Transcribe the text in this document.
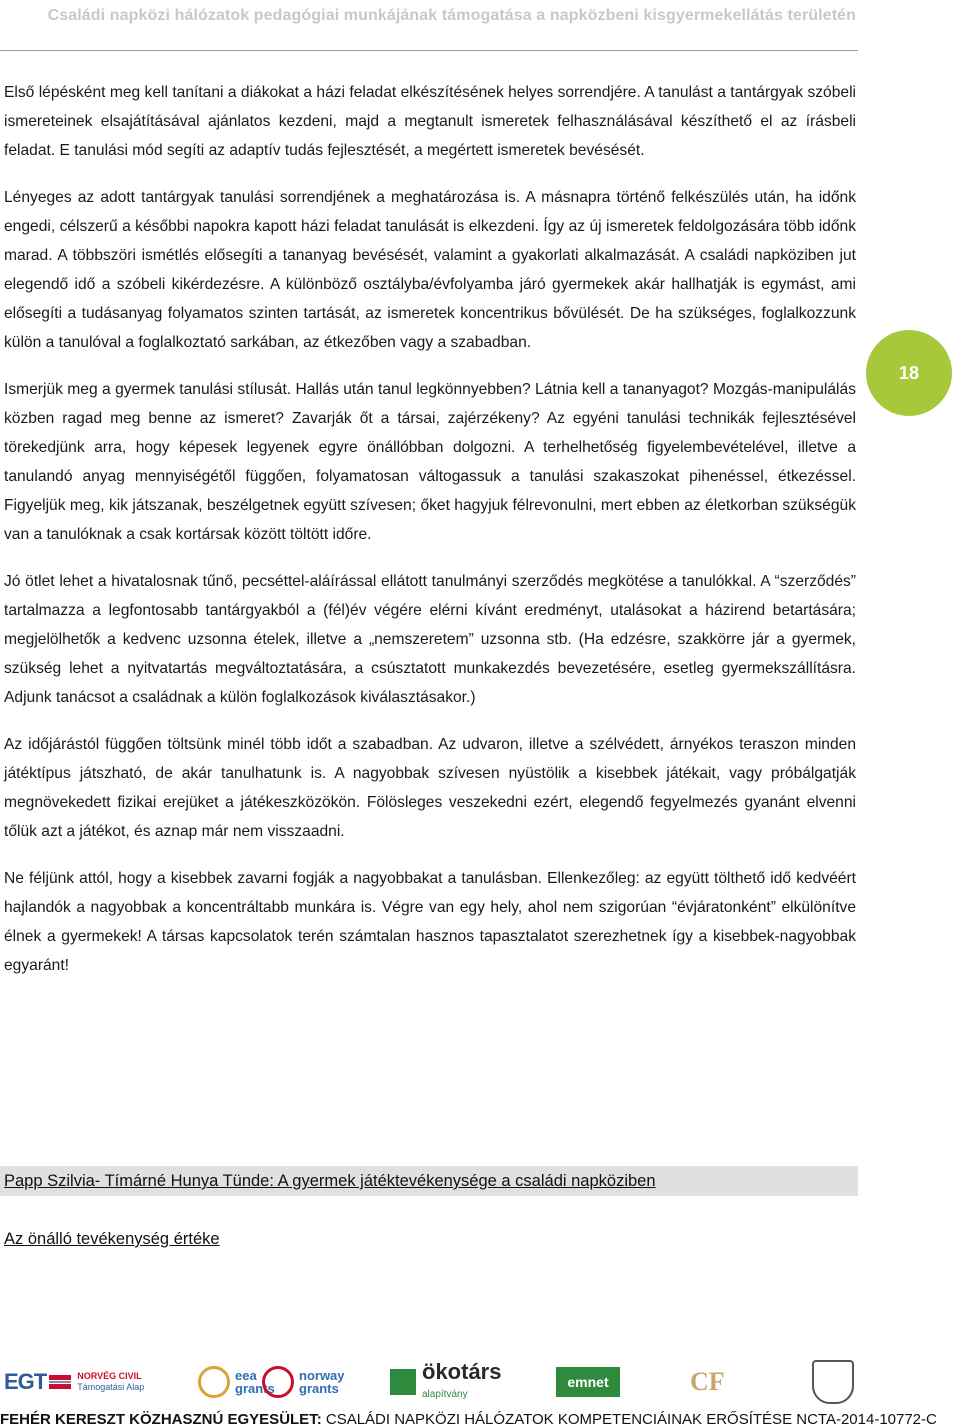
Családi napközi hálózatok pedagógiai munkájának támogatása a napközbeni kisgyermekellátás területén

Első lépésként meg kell tanítani a diákokat a házi feladat elkészítésének helyes sorrendjére. A tanulást a tantárgyak szóbeli ismereteinek elsajátításával ajánlatos kezdeni, majd a megtanult ismeretek felhasználásával készíthető el az írásbeli feladat. E tanulási mód segíti az adaptív tudás fejlesztését, a megértett ismeretek bevésését.

Lényeges az adott tantárgyak tanulási sorrendjének a meghatározása is. A másnapra történő felkészülés után, ha időnk engedi, célszerű a későbbi napokra kapott házi feladat tanulását is elkezdeni. Így az új ismeretek feldolgozására több időnk marad. A többszöri ismétlés elősegíti a tananyag bevésését, valamint a gyakorlati alkalmazását. A családi napköziben jut elegendő idő a szóbeli kikérdezésre. A különböző osztályba/évfolyamba járó gyermekek akár hallhatják is egymást, ami elősegíti a tudásanyag folyamatos szinten tartását, az ismeretek koncentrikus bővülését. De ha szükséges, foglalkozzunk külön a tanulóval a foglalkoztató sarkában, az étkezőben vagy a szabadban.

Ismerjük meg a gyermek tanulási stílusát. Hallás után tanul legkönnyebben? Látnia kell a tananyagot? Mozgás-manipulálás közben ragad meg benne az ismeret? Zavarják őt a társai, zajérzékeny? Az egyéni tanulási technikák fejlesztésével törekedjünk arra, hogy képesek legyenek egyre önállóbban dolgozni. A terhelhetőség figyelembevételével, illetve a tanulandó anyag mennyiségétől függően, folyamatosan váltogassuk a tanulási szakaszokat pihenéssel, étkezéssel. Figyeljük meg, kik játszanak, beszélgetnek együtt szívesen; őket hagyjuk félrevonulni, mert ebben az életkorban szükségük van a tanulóknak a csak kortársak között töltött időre.

Jó ötlet lehet a hivatalosnak tűnő, pecséttel-aláírással ellátott tanulmányi szerződés megkötése a tanulókkal. A “szerződés” tartalmazza a legfontosabb tantárgyakból a (fél)év végére elérni kívánt eredményt, utalásokat a házirend betartására; megjelölhetők a kedvenc uzsonna ételek, illetve a „nemszeretem” uzsonna stb. (Ha edzésre, szakkörre jár a gyermek, szükség lehet a nyitvatartás megváltoztatására, a csúsztatott munkakezdés bevezetésére, esetleg gyermekszállításra. Adjunk tanácsot a családnak a külön foglalkozások kiválasztásakor.)

Az időjárástól függően töltsünk minél több időt a szabadban. Az udvaron, illetve a szélvédett, árnyékos teraszon minden játéktípus játszható, de akár tanulhatunk is. A nagyobbak szívesen nyüstölik a kisebbek játékait, vagy próbálgatják megnövekedett fizikai erejüket a játékeszközökön. Fölösleges veszekedni ezért, elegendő fegyelmezés gyanánt elvenni tőlük azt a játékot, és aznap már nem visszaadni.

Ne féljünk attól, hogy a kisebbek zavarni fogják a nagyobbakat a tanulásban. Ellenkezőleg: az együtt tölthető idő kedvéért hajlandók a nagyobbak a koncentráltabb munkára is. Végre van egy hely, ahol nem szigorúan “évjáratonként” elkülönítve élnek a gyermekek! A társas kapcsolatok terén számtalan hasznos tapasztalatot szerezhetnek így a kisebbek-nagyobbak egyaránt!

18
Papp Szilvia- Tímárné Hunya Tünde: A gyermek játéktevékenysége a családi napköziben
Az önálló tevékenység értéke
EGT	NORVÉG CIVIL
Támogatási Alap
eea
grants
norway
grants
ökotárs
alapítvány
emnet	CF
FEHÉR KERESZT KÖZHASZNÚ EGYESÜLET: CSALÁDI NAPKÖZI HÁLÓZATOK KOMPETENCIÁINAK ERŐSÍTÉSE NCTA-2014-10772-C
